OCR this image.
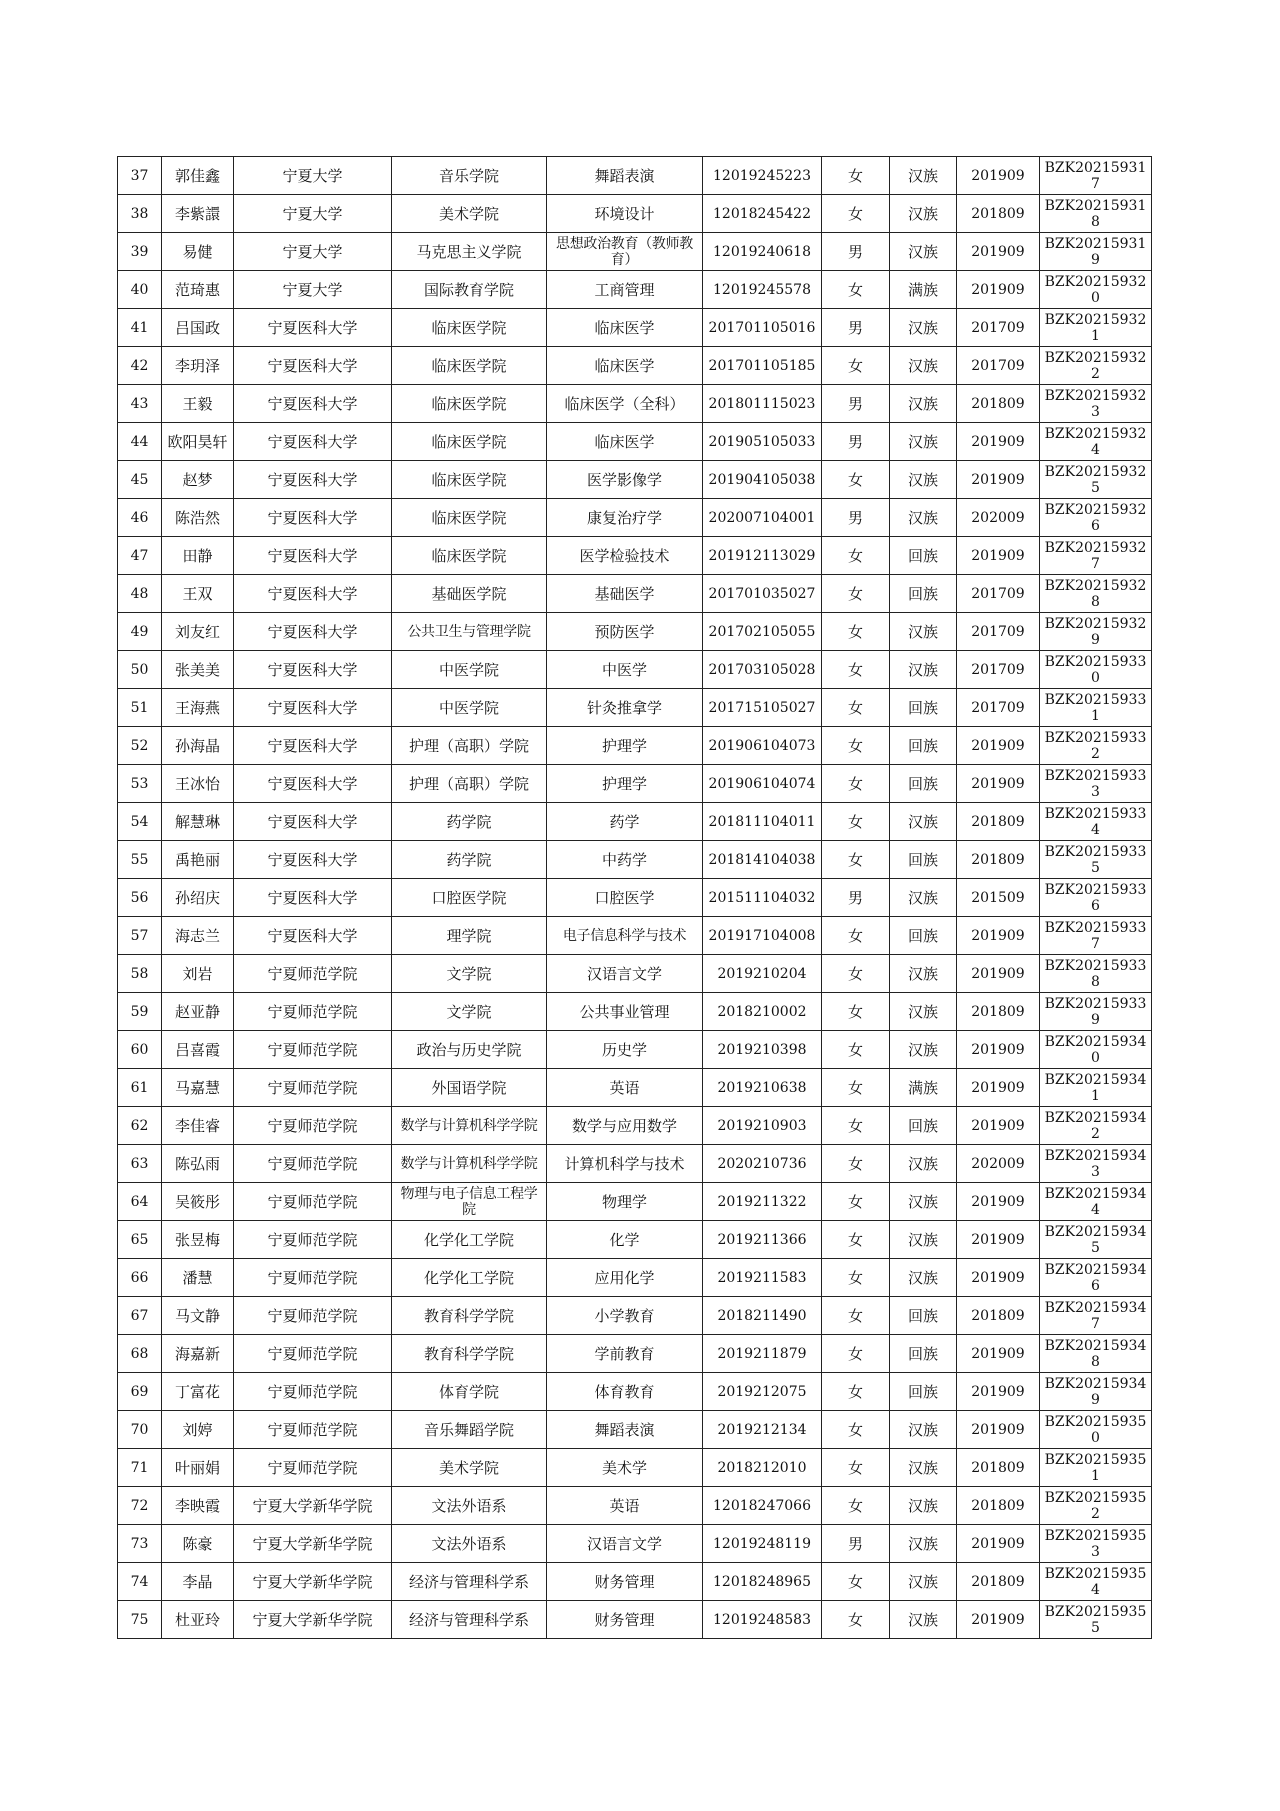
37	郭佳鑫	宁夏大学	音乐学院	舞蹈表演	12019245223	女	汉族	201909	BZK202159317
38	李紫譞	宁夏大学	美术学院	环境设计	12018245422	女	汉族	201809	BZK202159318
39	易健	宁夏大学	马克思主义学院	思想政治教育（教师教育）	12019240618	男	汉族	201909	BZK202159319
40	范琦惠	宁夏大学	国际教育学院	工商管理	12019245578	女	满族	201909	BZK202159320
41	吕国政	宁夏医科大学	临床医学院	临床医学	201701105016	男	汉族	201709	BZK202159321
42	李玥泽	宁夏医科大学	临床医学院	临床医学	201701105185	女	汉族	201709	BZK202159322
43	王毅	宁夏医科大学	临床医学院	临床医学（全科）	201801115023	男	汉族	201809	BZK202159323
44	欧阳昊轩	宁夏医科大学	临床医学院	临床医学	201905105033	男	汉族	201909	BZK202159324
45	赵梦	宁夏医科大学	临床医学院	医学影像学	201904105038	女	汉族	201909	BZK202159325
46	陈浩然	宁夏医科大学	临床医学院	康复治疗学	202007104001	男	汉族	202009	BZK202159326
47	田静	宁夏医科大学	临床医学院	医学检验技术	201912113029	女	回族	201909	BZK202159327
48	王双	宁夏医科大学	基础医学院	基础医学	201701035027	女	回族	201709	BZK202159328
49	刘友红	宁夏医科大学	公共卫生与管理学院	预防医学	201702105055	女	汉族	201709	BZK202159329
50	张美美	宁夏医科大学	中医学院	中医学	201703105028	女	汉族	201709	BZK202159330
51	王海燕	宁夏医科大学	中医学院	针灸推拿学	201715105027	女	回族	201709	BZK202159331
52	孙海晶	宁夏医科大学	护理（高职）学院	护理学	201906104073	女	回族	201909	BZK202159332
53	王冰怡	宁夏医科大学	护理（高职）学院	护理学	201906104074	女	回族	201909	BZK202159333
54	解慧琳	宁夏医科大学	药学院	药学	201811104011	女	汉族	201809	BZK202159334
55	禹艳丽	宁夏医科大学	药学院	中药学	201814104038	女	回族	201809	BZK202159335
56	孙绍庆	宁夏医科大学	口腔医学院	口腔医学	201511104032	男	汉族	201509	BZK202159336
57	海志兰	宁夏医科大学	理学院	电子信息科学与技术	201917104008	女	回族	201909	BZK202159337
58	刘岩	宁夏师范学院	文学院	汉语言文学	2019210204	女	汉族	201909	BZK202159338
59	赵亚静	宁夏师范学院	文学院	公共事业管理	2018210002	女	汉族	201809	BZK202159339
60	吕喜霞	宁夏师范学院	政治与历史学院	历史学	2019210398	女	汉族	201909	BZK202159340
61	马嘉慧	宁夏师范学院	外国语学院	英语	2019210638	女	满族	201909	BZK202159341
62	李佳睿	宁夏师范学院	数学与计算机科学学院	数学与应用数学	2019210903	女	回族	201909	BZK202159342
63	陈弘雨	宁夏师范学院	数学与计算机科学学院	计算机科学与技术	2020210736	女	汉族	202009	BZK202159343
64	吴筱彤	宁夏师范学院	物理与电子信息工程学院	物理学	2019211322	女	汉族	201909	BZK202159344
65	张昱梅	宁夏师范学院	化学化工学院	化学	2019211366	女	汉族	201909	BZK202159345
66	潘慧	宁夏师范学院	化学化工学院	应用化学	2019211583	女	汉族	201909	BZK202159346
67	马文静	宁夏师范学院	教育科学学院	小学教育	2018211490	女	回族	201809	BZK202159347
68	海嘉新	宁夏师范学院	教育科学学院	学前教育	2019211879	女	回族	201909	BZK202159348
69	丁富花	宁夏师范学院	体育学院	体育教育	2019212075	女	回族	201909	BZK202159349
70	刘婷	宁夏师范学院	音乐舞蹈学院	舞蹈表演	2019212134	女	汉族	201909	BZK202159350
71	叶丽娟	宁夏师范学院	美术学院	美术学	2018212010	女	汉族	201809	BZK202159351
72	李映霞	宁夏大学新华学院	文法外语系	英语	12018247066	女	汉族	201809	BZK202159352
73	陈豪	宁夏大学新华学院	文法外语系	汉语言文学	12019248119	男	汉族	201909	BZK202159353
74	李晶	宁夏大学新华学院	经济与管理科学系	财务管理	12018248965	女	汉族	201809	BZK202159354
75	杜亚玲	宁夏大学新华学院	经济与管理科学系	财务管理	12019248583	女	汉族	201909	BZK202159355
